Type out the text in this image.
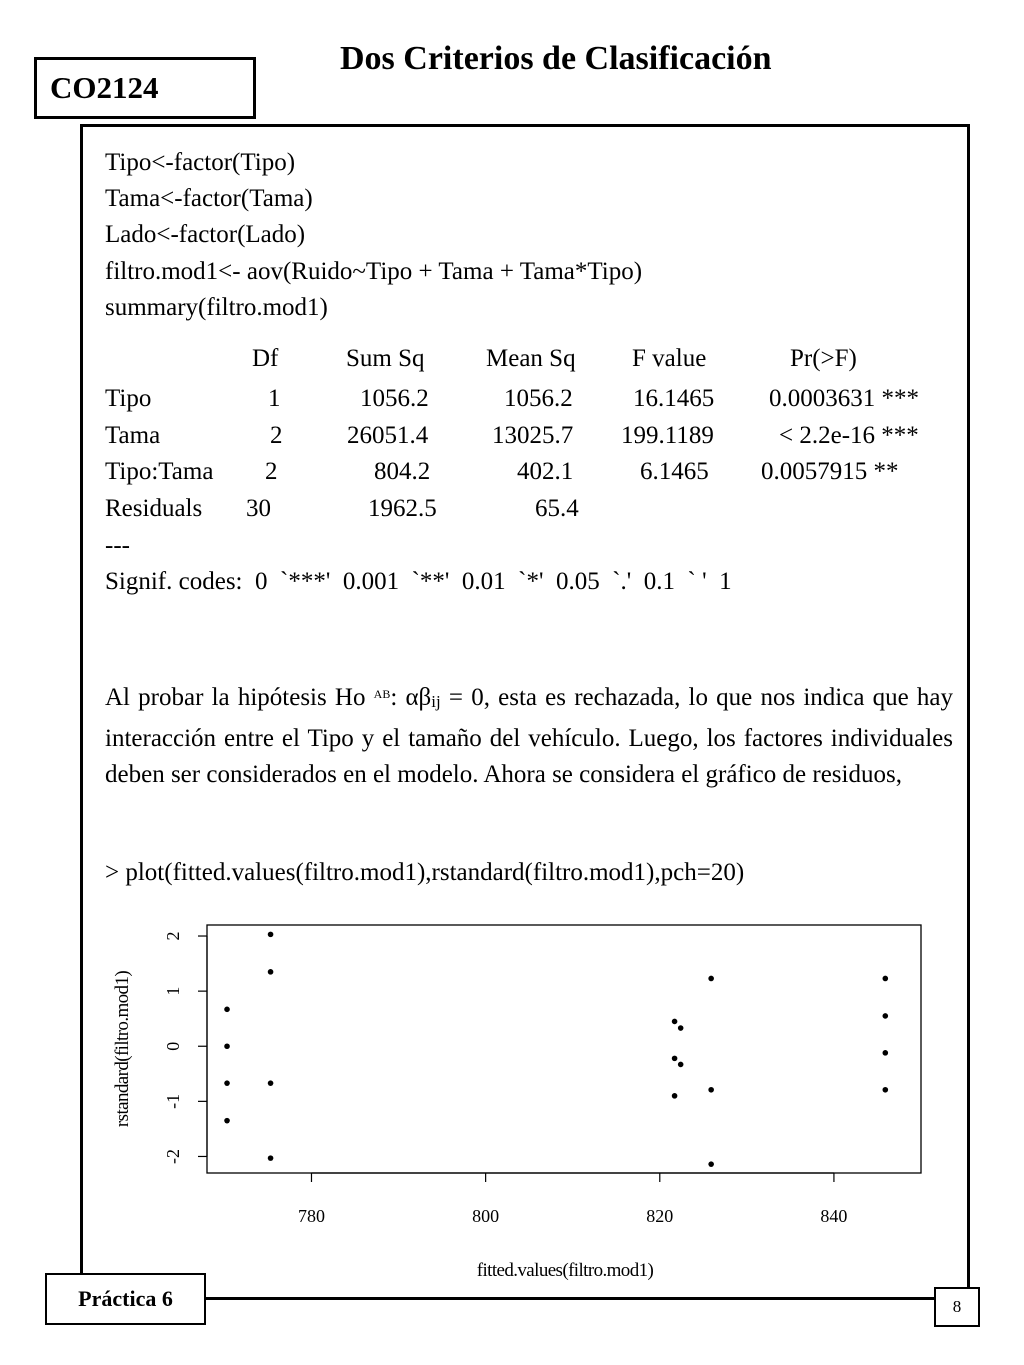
CO2124
Dos Criterios de Clasificación
Tipo<-factor(Tipo)
Tama<-factor(Tama)
Lado<-factor(Lado)
filtro.mod1<- aov(Ruido~Tipo + Tama + Tama*Tipo)
summary(filtro.mod1)
Df	Sum Sq Mean Sq F value	Pr(>F)
Tipo	1	1056.2	1056.2 16.1465 0.0003631 ***
Tama	2	26051.4	13025.7 199.1189	< 2.2e-16 ***
Tipo:Tama 2	804.2	402.1	6.1465 0.0057915 **
Residuals 30	1962.5	65.4
---
Signif. codes:  0  `***'  0.001  `**'  0.01  `*'  0.05  `.'  0.1  ` '  1
Al probar la hipótesis Ho $^{AB}$: $\alpha\beta_{ij} = 0$, esta es rechazada, lo que nos indica que hay interacción entre el Tipo y el tamaño del vehículo. Luego, los factores individuales deben ser considerados en el modelo. Ahora se considera el gráfico de residuos,
> plot(fitted.values(filtro.mod1),rstandard(filtro.mod1),pch=20)
fitted.values(filtro.mod1)
rstandard(filtro.mod1)
780	800	820	840
-2
-1
0
1
2
Práctica 6	8
